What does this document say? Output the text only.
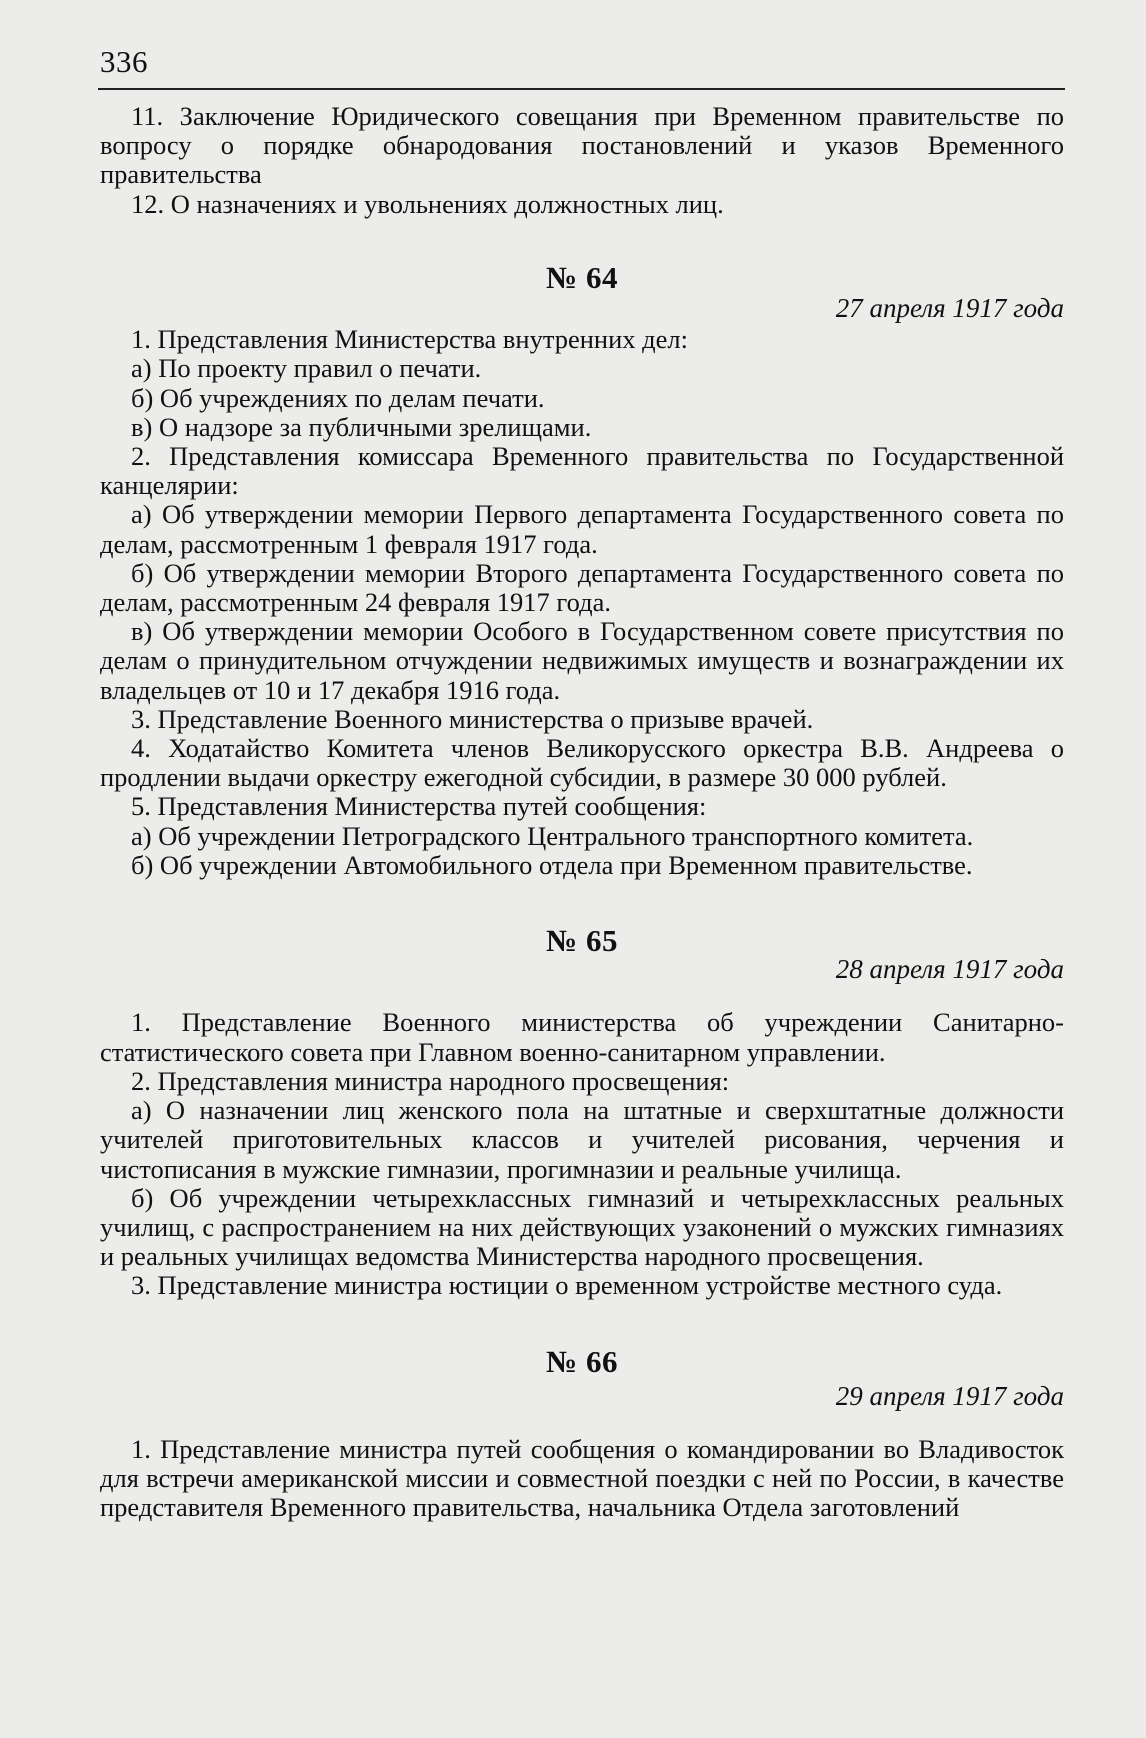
336

11. Заключение Юридического совещания при Временном правительстве по вопросу о порядке обнародования постановлений и указов Временного правительства

12. О назначениях и увольнениях должностных лиц.

№ 64

27 апреля 1917 года

1. Представления Министерства внутренних дел:

а) По проекту правил о печати.

б) Об учреждениях по делам печати.

в) О надзоре за публичными зрелищами.

2. Представления комиссара Временного правительства по Государственной канцелярии:

а) Об утверждении мемории Первого департамента Государственного совета по делам, рассмотренным 1 февраля 1917 года.

б) Об утверждении мемории Второго департамента Государственного совета по делам, рассмотренным 24 февраля 1917 года.

в) Об утверждении мемории Особого в Государственном совете присутствия по делам о принудительном отчуждении недвижимых имуществ и вознаграждении их владельцев от 10 и 17 декабря 1916 года.

3. Представление Военного министерства о призыве врачей.

4. Ходатайство Комитета членов Великорусского оркестра В.В. Андреева о продлении выдачи оркестру ежегодной субсидии, в размере 30 000 рублей.

5. Представления Министерства путей сообщения:

а) Об учреждении Петроградского Центрального транспортного комитета.

б) Об учреждении Автомобильного отдела при Временном правительстве.

№ 65

28 апреля 1917 года

1. Представление Военного министерства об учреждении Санитарно-статистического совета при Главном военно-санитарном управлении.

2. Представления министра народного просвещения:

а) О назначении лиц женского пола на штатные и сверхштатные должности учителей приготовительных классов и учителей рисования, черчения и чистописания в мужские гимназии, прогимназии и реальные училища.

б) Об учреждении четырехклассных гимназий и четырехклассных реальных училищ, с распространением на них действующих узаконений о мужских гимназиях и реальных училищах ведомства Министерства народного просвещения.

3. Представление министра юстиции о временном устройстве местного суда.

№ 66

29 апреля 1917 года

1. Представление министра путей сообщения о командировании во Владивосток для встречи американской миссии и совместной поездки с ней по России, в качестве представителя Временного правительства, начальника Отдела заготовлений
